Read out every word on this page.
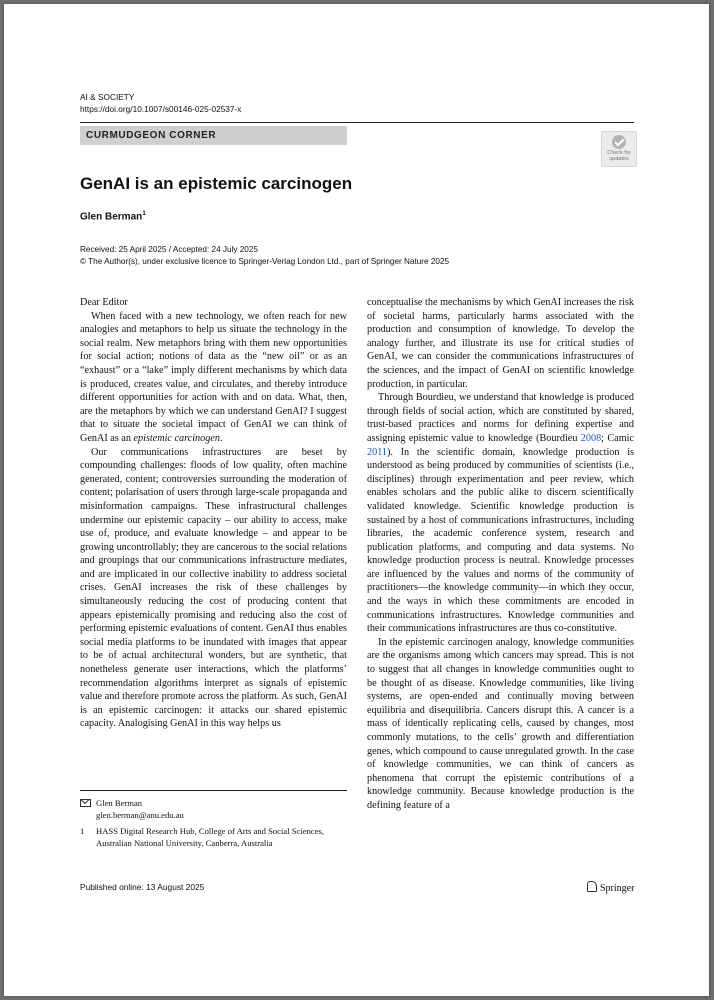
AI & SOCIETY
https://doi.org/10.1007/s00146-025-02537-x
CURMUDGEON CORNER
Check for
updates
GenAI is an epistemic carcinogen
Glen Berman$^1$
Received: 25 April 2025 / Accepted: 24 July 2025
© The Author(s), under exclusive licence to Springer-Verlag London Ltd., part of Springer Nature 2025

Dear Editor

When faced with a new technology, we often reach for new analogies and metaphors to help us situate the technology in the social realm. New metaphors bring with them new opportunities for social action; notions of data as the “new oil” or as an “exhaust” or a “lake” imply different mechanisms by which data is produced, creates value, and circulates, and thereby introduce different opportunities for action with and on data. What, then, are the metaphors by which we can understand GenAI? I suggest that to situate the societal impact of GenAI we can think of GenAI as an epistemic carcinogen.

Our communications infrastructures are beset by compounding challenges: floods of low quality, often machine generated, content; controversies surrounding the moderation of content; polarisation of users through large-scale propaganda and misinformation campaigns. These infrastructural challenges undermine our epistemic capacity – our ability to access, make use of, produce, and evaluate knowledge – and appear to be growing uncontrollably; they are cancerous to the social relations and groupings that our communications infrastructure mediates, and are implicated in our collective inability to address societal crises. GenAI increases the risk of these challenges by simultaneously reducing the cost of producing content that appears epistemically promising and reducing also the cost of performing epistemic evaluations of content. GenAI thus enables social media platforms to be inundated with images that appear to be of actual architectural wonders, but are synthetic, that nonetheless generate user interactions, which the platforms’ recommendation algorithms interpret as signals of epistemic value and therefore promote across the platform. As such, GenAI is an epistemic carcinogen: it attacks our shared epistemic capacity. Analogising GenAI in this way helps us

Glen Berman
glen.berman@anu.edu.au
1 HASS Digital Research Hub, College of Arts and Social Sciences, Australian National University, Canberra, Australia

conceptualise the mechanisms by which GenAI increases the risk of societal harms, particularly harms associated with the production and consumption of knowledge. To develop the analogy further, and illustrate its use for critical studies of GenAI, we can consider the communications infrastructures of the sciences, and the impact of GenAI on scientific knowledge production, in particular.

Through Bourdieu, we understand that knowledge is produced through fields of social action, which are constituted by shared, trust-based practices and norms for defining expertise and assigning epistemic value to knowledge (Bourdieu 2008; Camic 2011). In the scientific domain, knowledge production is understood as being produced by communities of scientists (i.e., disciplines) through experimentation and peer review, which enables scholars and the public alike to discern scientifically validated knowledge. Scientific knowledge production is sustained by a host of communications infrastructures, including libraries, the academic conference system, research and publication platforms, and computing and data systems. No knowledge production process is neutral. Knowledge processes are influenced by the values and norms of the community of practitioners—the knowledge community—in which they occur, and the ways in which these commitments are encoded in communications infrastructures. Knowledge communities and their communications infrastructures are thus co-constitutive.

In the epistemic carcinogen analogy, knowledge communities are the organisms among which cancers may spread. This is not to suggest that all changes in knowledge communities ought to be thought of as disease. Knowledge communities, like living systems, are open-ended and continually moving between equilibria and disequilibria. Cancers disrupt this. A cancer is a mass of identically replicating cells, caused by changes, most commonly mutations, to the cells’ growth and differentiation genes, which compound to cause unregulated growth. In the case of knowledge communities, we can think of cancers as phenomena that corrupt the epistemic contributions of a knowledge community. Because knowledge production is the defining feature of a

Published online: 13 August 2025	Springer
